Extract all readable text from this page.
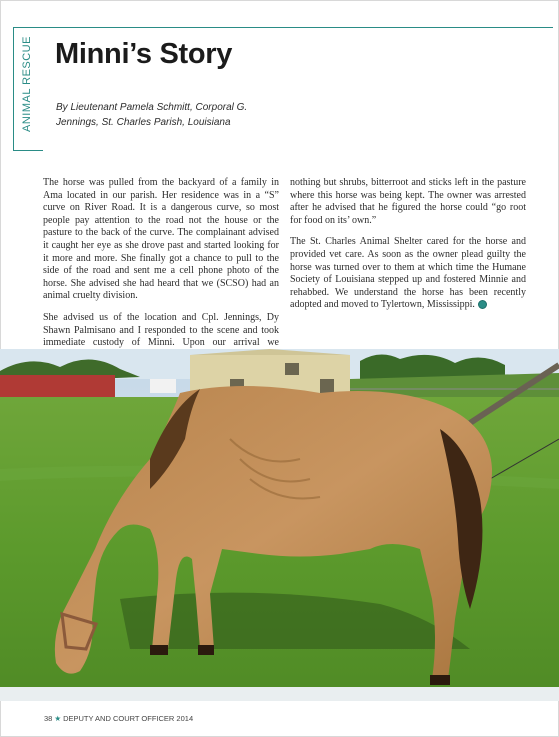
ANIMAL RESCUE Minni’s Story
By Lieutenant Pamela Schmitt, Corporal G. Jennings, St. Charles Parish, Louisiana

The horse was pulled from the backyard of a family in Ama located in our parish. Her residence was in a “S” curve on River Road. It is a dangerous curve, so most people pay attention to the road not the house or the pasture to the back of the curve. The complainant advised it caught her eye as she drove past and started looking for it more and more. She finally got a chance to pull to the side of the road and sent me a cell phone photo of the horse. She advised she had heard that we (SCSO) had an animal cruelty division.

She advised us of the location and Cpl. Jennings, Dy Shawn Palmisano and I responded to the scene and took immediate custody of Minni. Upon our arrival we

nothing but shrubs, bitterroot and sticks left in the pasture where this horse was being kept. The owner was arrested after he advised that he figured the horse could “go root for food on its’ own.”

The St. Charles Animal Shelter cared for the horse and provided vet care. As soon as the owner plead guilty the horse was turned over to them at which time the Humane Society of Louisiana stepped up and fostered Minnie and rehabbed. We understand the horse has been recently adopted and moved to Tylertown, Mississippi.

38 ★ DEPUTY AND COURT OFFICER 2014
